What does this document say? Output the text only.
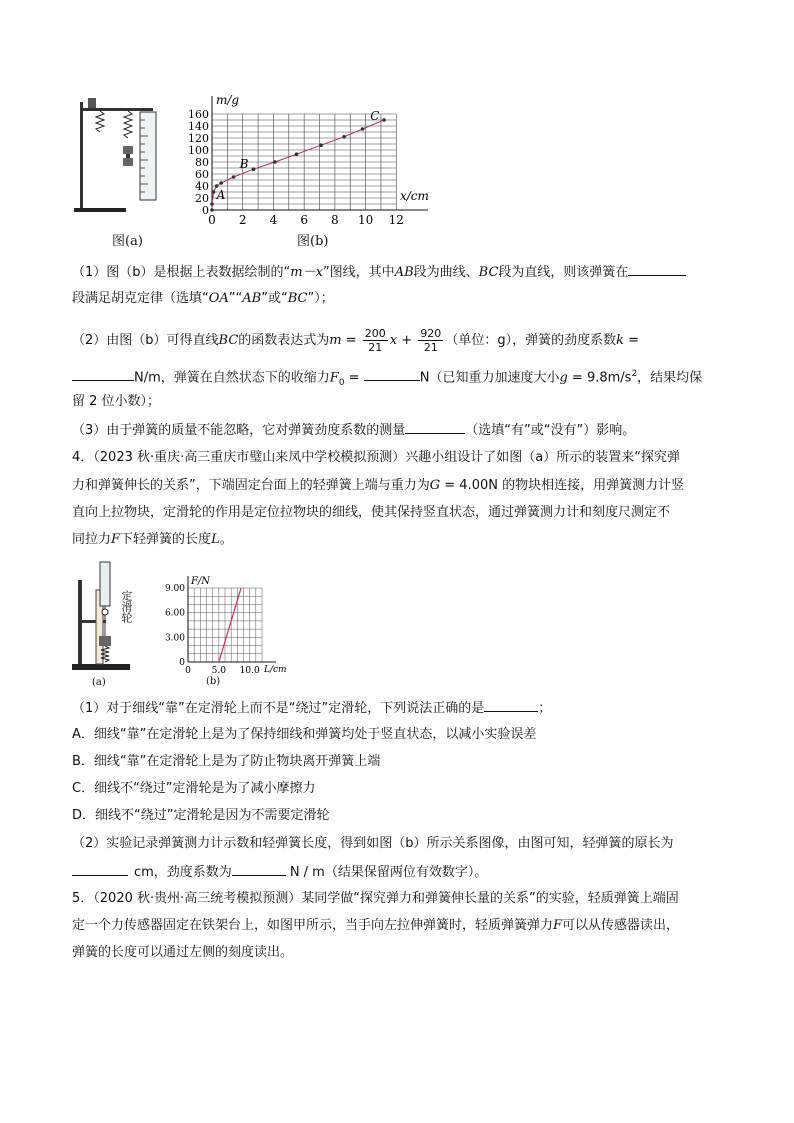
图(a)
0 2 4 6 8 10 12
0
20
40
60
80
100
120
140
160
m/g
x/cm
A
B
C
图(b)
（1）图（b）是根据上表数据绘制的“m－x”图线，其中AB段为曲线、BC段为直线，则该弹簧在
段满足胡克定律（选填“OA”“AB”或“BC”）；
（2）由图（b）可得直线BC的函数表达式为$m = \frac{200}{21}$ $x + \frac{920}{21}$ （单位：g），弹簧的劲度系数k =
N/m，弹簧在自然状态下的收缩力$F_0$ =	N（已知重力加速度大小$g = 9.8m/s^2$，结果均保
留 2 位小数）；
（3）由于弹簧的质量不能忽略，它对弹簧劲度系数的测量	（选填“有”或“没有”）影响。
4．（2023 秋·重庆·高三重庆市璧山来凤中学校模拟预测）兴趣小组设计了如图（a）所示的装置来“探究弹
力和弹簧伸长的关系”，下端固定台面上的轻弹簧上端与重力为G = 4.00N 的物块相连接，用弹簧测力计竖
直向上拉物块，定滑轮的作用是定位拉物块的细线，使其保持竖直状态，通过弹簧测力计和刻度尺测定不
同拉力F下轻弹簧的长度L。
定滑轮
(a)
0 5.0 10.0
0
3.00
6.00
9.00
F/N
L/cm
(b)
（1）对于细线“靠”在定滑轮上而不是“绕过”定滑轮，下列说法正确的是	；
A．细线“靠”在定滑轮上是为了保持细线和弹簧均处于竖直状态，以减小实验误差
B．细线“靠”在定滑轮上是为了防止物块离开弹簧上端
C．细线不“绕过”定滑轮是为了减小摩擦力
D．细线不“绕过”定滑轮是因为不需要定滑轮
（2）实验记录弹簧测力计示数和轻弹簧长度，得到如图（b）所示关系图像，由图可知，轻弹簧的原长为
cm，劲度系数为	N / m（结果保留两位有效数字）。
5．（2020 秋·贵州·高三统考模拟预测）某同学做“探究弹力和弹簧伸长量的关系”的实验，轻质弹簧上端固
定一个力传感器固定在铁架台上，如图甲所示，当手向左拉伸弹簧时，轻质弹簧弹力F可以从传感器读出，
弹簧的长度可以通过左侧的刻度读出。
